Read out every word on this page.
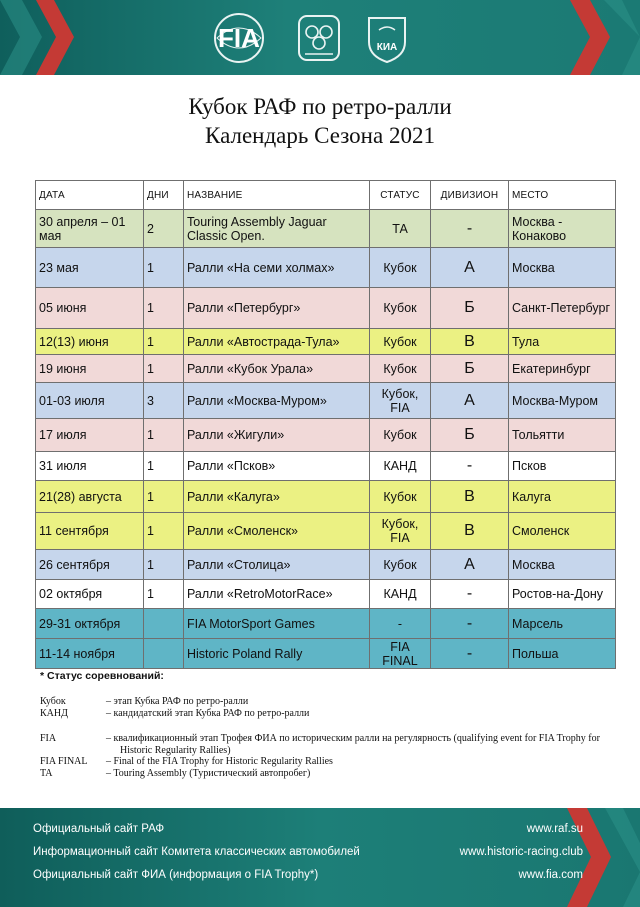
FIA	КИА
Кубок РАФ по ретро-ралли
Календарь Сезона 2021
ДАТА	ДНИ	НАЗВАНИЕ	СТАТУС	ДИВИЗИОН	МЕСТО
30 апреля – 01 мая	2	Touring Assembly Jaguar Classic Open.	ТА	-	Москва - Конаково
23 мая	1	Ралли «На семи холмах»	Кубок	А	Москва
05 июня	1	Ралли «Петербург»	Кубок	Б	Санкт-Петербург
12(13) июня	1	Ралли «Автострада-Тула»	Кубок	В	Тула
19 июня	1	Ралли «Кубок Урала»	Кубок	Б	Екатеринбург
01-03 июля	3	Ралли «Москва-Муром»	Кубок, FIA	А	Москва-Муром
17 июля	1	Ралли «Жигули»	Кубок	Б	Тольятти
31 июля	1	Ралли «Псков»	КАНД	-	Псков
21(28) августа	1	Ралли «Калуга»	Кубок	В	Калуга
11 сентября	1	Ралли «Смоленск»	Кубок, FIA	В	Смоленск
26 сентября	1	Ралли «Столица»	Кубок	А	Москва
02 октября	1	Ралли «RetroMotorRace»	КАНД	-	Ростов-на-Дону
29-31 октября		FIA MotorSport Games	-	-	Марсель
11-14 ноября		Historic Poland Rally	FIA FINAL	-	Польша
* Статус соревнований:
Кубок	– этап Кубка РАФ по ретро-ралли
КАНД	– кандидатский этап Кубка РАФ по ретро-ралли
FIA	– квалификационный этап Трофея ФИА по историческим ралли на регулярность (qualifying event for FIA Trophy for Historic Regularity Rallies)
FIA FINAL	– Final of the FIA Trophy for Historic Regularity Rallies
TA	– Touring Assembly (Туристический автопробег)
Официальный сайт РАФ	www.raf.su
Информационный сайт Комитета классических автомобилей	www.historic-racing.club
Официальный сайт ФИА (информация о FIA Trophy*)	www.fia.com
